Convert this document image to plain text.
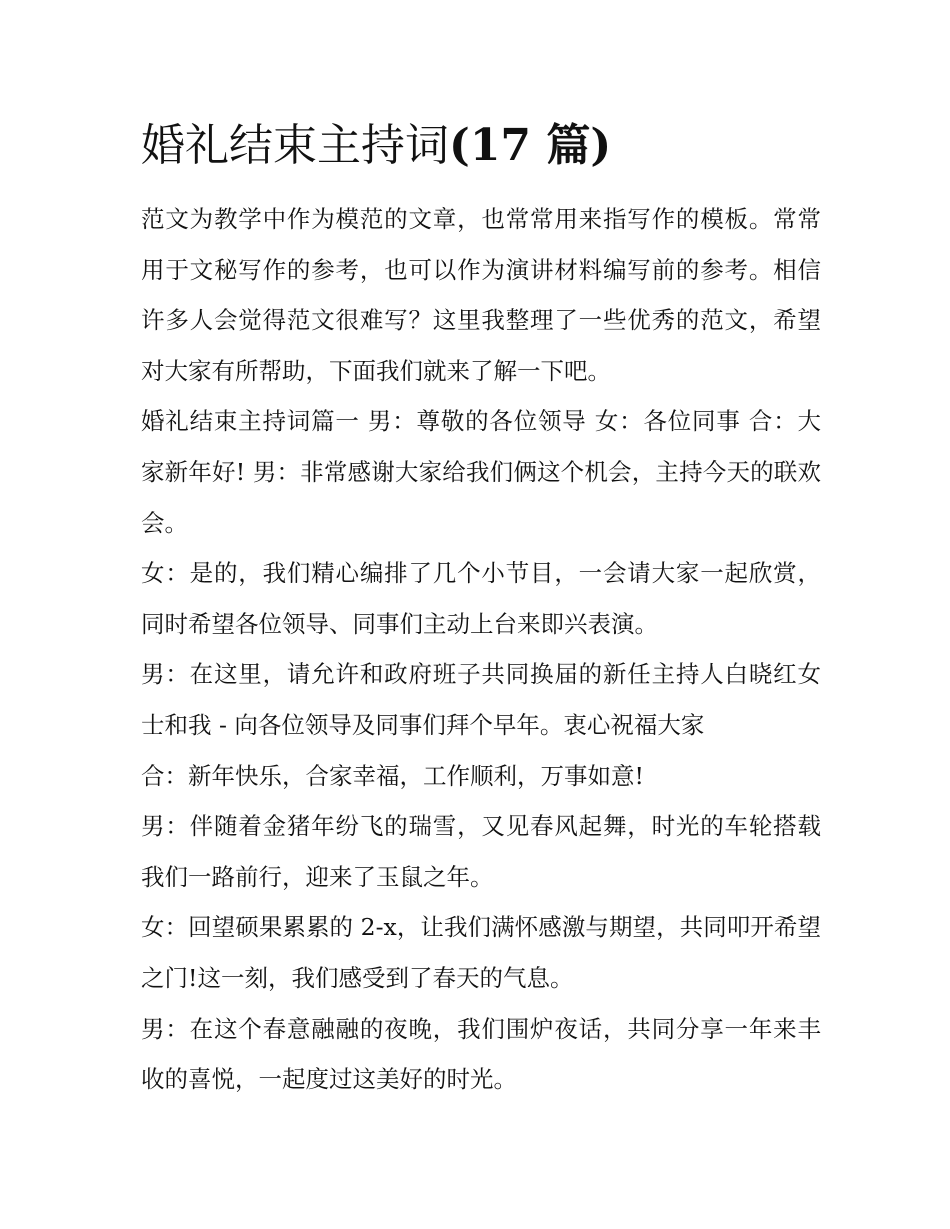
婚礼结束主持词(17 篇)

范文为教学中作为模范的文章，也常常用来指写作的模板。常常用于文秘写作的参考，也可以作为演讲材料编写前的参考。相信许多人会觉得范文很难写？这里我整理了一些优秀的范文，希望对大家有所帮助，下面我们就来了解一下吧。

婚礼结束主持词篇一 男：尊敬的各位领导 女：各位同事 合：大家新年好! 男：非常感谢大家给我们俩这个机会，主持今天的联欢会。

女：是的，我们精心编排了几个小节目，一会请大家一起欣赏，同时希望各位领导、同事们主动上台来即兴表演。

男：在这里，请允许和政府班子共同换届的新任主持人白晓红女士和我 - 向各位领导及同事们拜个早年。衷心祝福大家

合：新年快乐，合家幸福，工作顺利，万事如意!

男：伴随着金猪年纷飞的瑞雪，又见春风起舞，时光的车轮搭载我们一路前行，迎来了玉鼠之年。

女：回望硕果累累的 2-x，让我们满怀感激与期望，共同叩开希望之门!这一刻，我们感受到了春天的气息。

男：在这个春意融融的夜晚，我们围炉夜话，共同分享一年来丰收的喜悦，一起度过这美好的时光。
